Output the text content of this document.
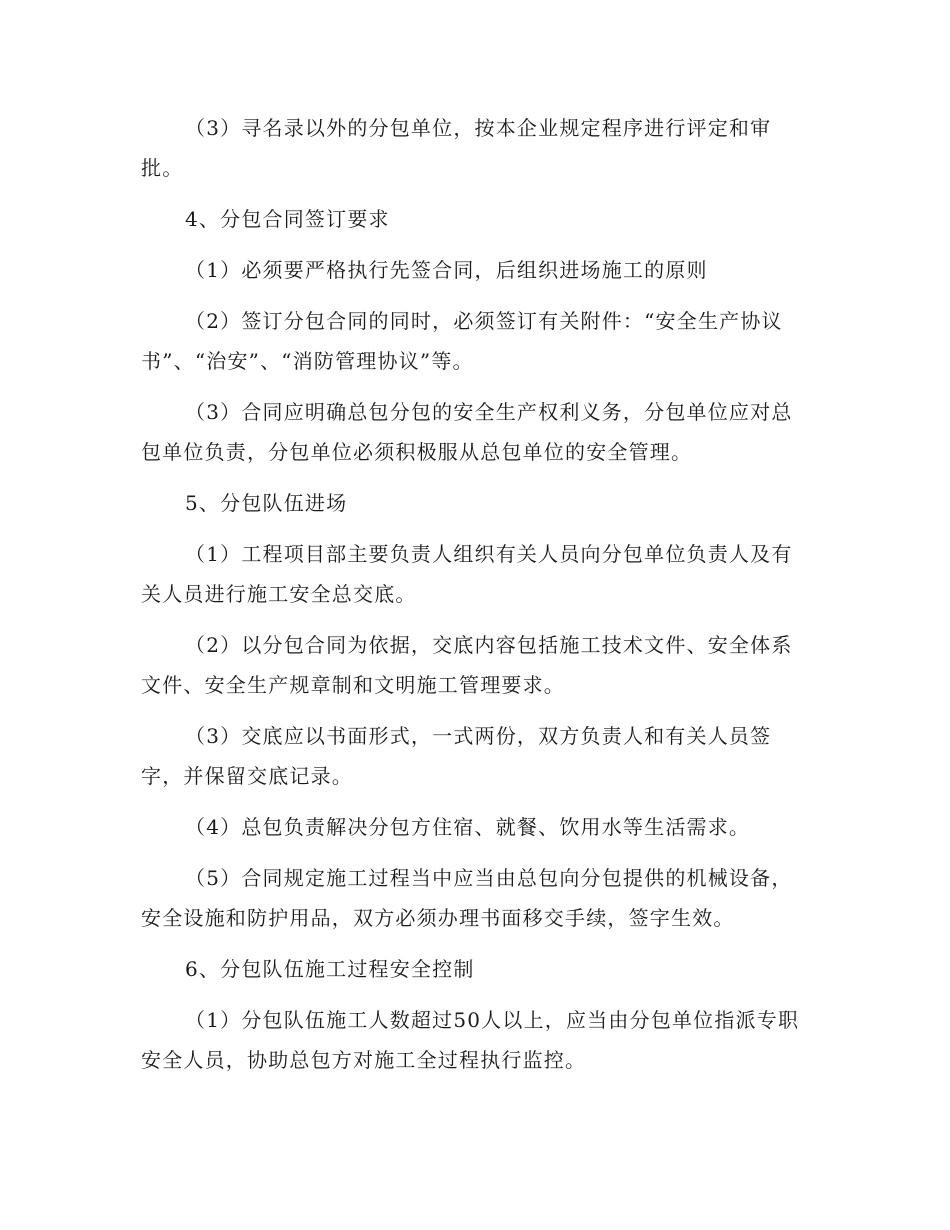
（3）寻名录以外的分包单位，按本企业规定程序进行评定和审批。

4、分包合同签订要求

（1）必须要严格执行先签合同，后组织进场施工的原则

（2）签订分包合同的同时，必须签订有关附件：“安全生产协议书”、“治安”、“消防管理协议”等。

（3）合同应明确总包分包的安全生产权利义务，分包单位应对总包单位负责，分包单位必须积极服从总包单位的安全管理。

5、分包队伍进场

（1）工程项目部主要负责人组织有关人员向分包单位负责人及有关人员进行施工安全总交底。

（2）以分包合同为依据，交底内容包括施工技术文件、安全体系文件、安全生产规章制和文明施工管理要求。

（3）交底应以书面形式，一式两份，双方负责人和有关人员签字，并保留交底记录。

（4）总包负责解决分包方住宿、就餐、饮用水等生活需求。

（5）合同规定施工过程当中应当由总包向分包提供的机械设备，安全设施和防护用品，双方必须办理书面移交手续，签字生效。

6、分包队伍施工过程安全控制

（1）分包队伍施工人数超过50人以上，应当由分包单位指派专职安全人员，协助总包方对施工全过程执行监控。
